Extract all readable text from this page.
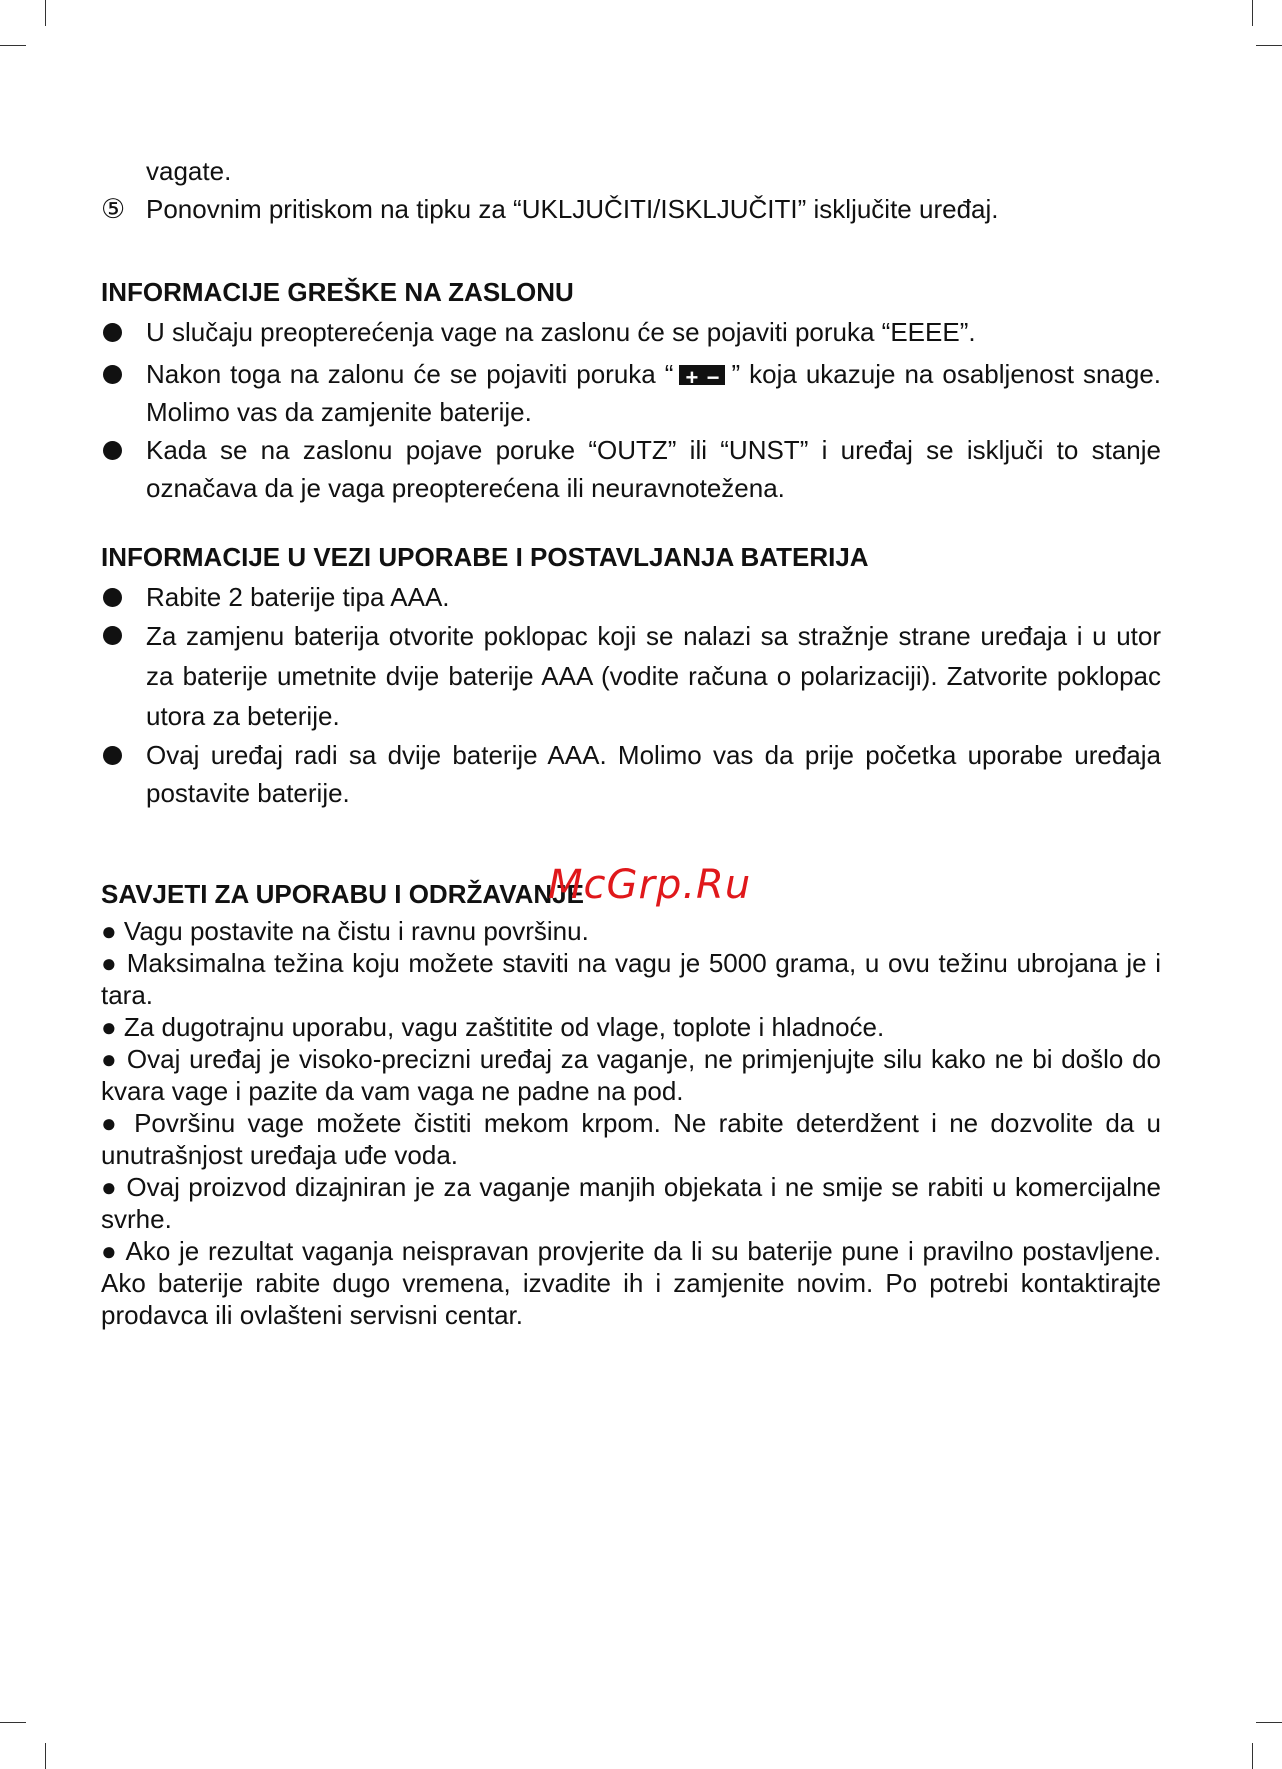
vagate.
⑤ Ponovnim pritiskom na tipku za “UKLJUČITI/ISKLJUČITI” isključite uređaj.
INFORMACIJE GREŠKE NA ZASLONU
U slučaju preopterećenja vage na zaslonu će se pojaviti poruka “EEEE”.
Nakon toga na zalonu će se pojaviti poruka “+ − ” koja ukazuje na osabljenost snage. Molimo vas da zamjenite baterije.
Kada se na zaslonu pojave poruke “OUTZ” ili “UNST” i uređaj se isključi to stanje označava da je vaga preopterećena ili neuravnotežena.
INFORMACIJE U VEZI UPORABE I POSTAVLJANJA BATERIJA
Rabite 2 baterije tipa AAA.
Za zamjenu baterija otvorite poklopac koji se nalazi sa stražnje strane uređaja i u utor za baterije umetnite dvije baterije AAA (vodite računa o polarizaciji). Zatvorite poklopac utora za beterije.
Ovaj uređaj radi sa dvije baterije AAA. Molimo vas da prije početka uporabe uređaja postavite baterije.
SAVJETI ZA UPORABU I ODRŽAVANJE
● Vagu postavite na čistu i ravnu površinu.
● Maksimalna težina koju možete staviti na vagu je 5000 grama, u ovu težinu ubrojana je i tara.
● Za dugotrajnu uporabu, vagu zaštitite od vlage, toplote i hladnoće.
● Ovaj uređaj je visoko-precizni uređaj za vaganje, ne primjenjujte silu kako ne bi došlo do kvara vage i pazite da vam vaga ne padne na pod.
● Površinu vage možete čistiti mekom krpom. Ne rabite deterdžent i ne dozvolite da u unutrašnjost uređaja uđe voda.
● Ovaj proizvod dizajniran je za vaganje manjih objekata i ne smije se rabiti u komercijalne svrhe.
● Ako je rezultat vaganja neispravan provjerite da li su baterije pune i pravilno postavljene. Ako baterije rabite dugo vremena, izvadite ih i zamjenite novim. Po potrebi kontaktirajte prodavca ili ovlašteni servisni centar.
McGrp.Ru
